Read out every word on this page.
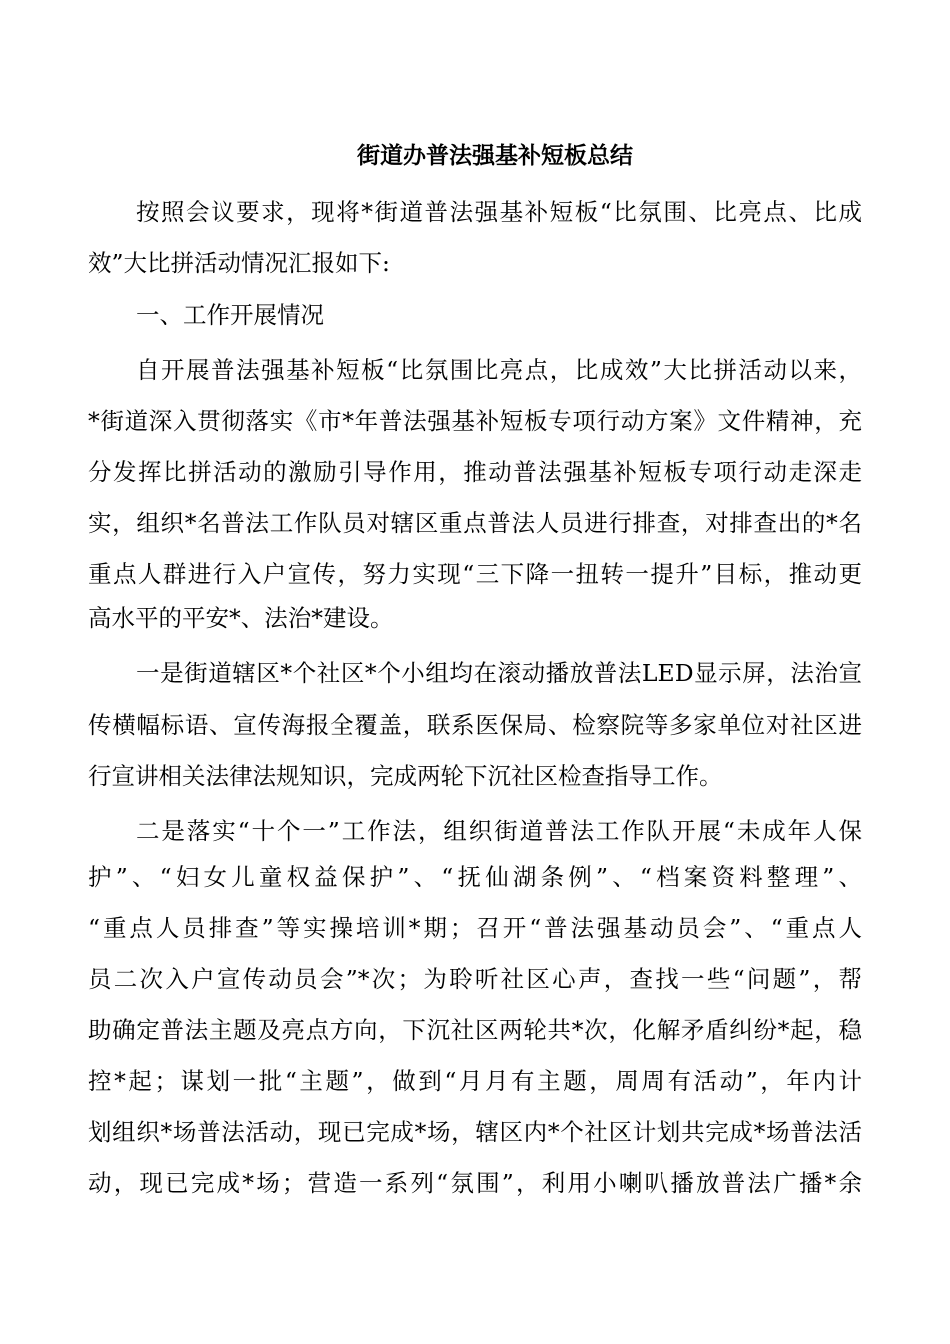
街道办普法强基补短板总结
按照会议要求，现将*街道普法强基补短板“比氛围、比亮点、比成
效”大比拼活动情况汇报如下:
一、工作开展情况
自开展普法强基补短板“比氛围比亮点，比成效”大比拼活动以来，
*街道深入贯彻落实《市*年普法强基补短板专项行动方案》文件精神，充
分发挥比拼活动的激励引导作用，推动普法强基补短板专项行动走深走
实，组织*名普法工作队员对辖区重点普法人员进行排查，对排查出的*名
重点人群进行入户宣传，努力实现“三下降一扭转一提升”目标，推动更
高水平的平安*、法治*建设。
一是街道辖区*个社区*个小组均在滚动播放普法LED显示屏，法治宣
传横幅标语、宣传海报全覆盖，联系医保局、检察院等多家单位对社区进
行宣讲相关法律法规知识，完成两轮下沉社区检查指导工作。
二是落实“十个一”工作法，组织街道普法工作队开展“未成年人保
护”、“妇女儿童权益保护”、“抚仙湖条例”、“档案资料整理”、
“重点人员排查”等实操培训*期；召开“普法强基动员会”、“重点人
员二次入户宣传动员会”*次；为聆听社区心声，查找一些“问题”，帮
助确定普法主题及亮点方向，下沉社区两轮共*次，化解矛盾纠纷*起，稳
控*起；谋划一批“主题”，做到“月月有主题，周周有活动”，年内计
划组织*场普法活动，现已完成*场，辖区内*个社区计划共完成*场普法活
动，现已完成*场；营造一系列“氛围”，利用小喇叭播放普法广播*余
